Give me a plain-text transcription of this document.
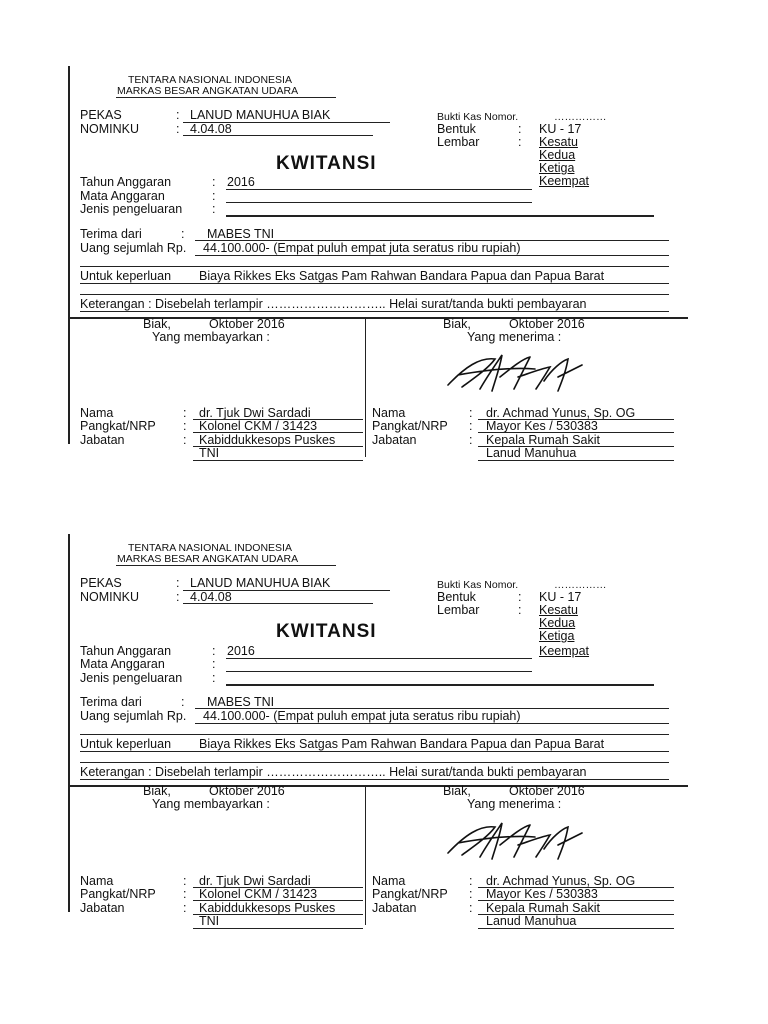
TENTARA NASIONAL INDONESIA
MARKAS BESAR ANGKATAN UDARA
PEKAS	: LANUD MANUHUA BIAK
NOMINKU	: 4.04.08
Bukti Kas Nomor.	……………
Bentuk	: KU - 17
Lembar	: Kesatu
Kedua
Ketiga
Keempat
KWITANSI
Tahun Anggaran	: 2016
Mata Anggaran	:
Jenis pengeluaran :
Terima dari	: MABES TNI
Uang sejumlah Rp. 44.100.000- (Empat puluh empat juta seratus ribu rupiah)
Untuk keperluan Biaya Rikkes Eks Satgas Pam Rahwan Bandara Papua dan Papua Barat
Keterangan : Disebelah terlampir ……………………….. Helai surat/tanda bukti pembayaran
Biak,	Oktober 2016
Yang membayarkan :
Biak,	Oktober 2016
Yang menerima :
Nama	: dr. Tjuk Dwi Sardadi
Pangkat/NRP : Kolonel CKM / 31423
Jabatan	: Kabiddukkesops Puskes
TNI
Nama	: dr. Achmad Yunus, Sp. OG
Pangkat/NRP : Mayor Kes / 530383
Jabatan	: Kepala Rumah Sakit
Lanud Manuhua
TENTARA NASIONAL INDONESIA
MARKAS BESAR ANGKATAN UDARA
PEKAS	: LANUD MANUHUA BIAK
NOMINKU	: 4.04.08
Bukti Kas Nomor.	……………
Bentuk	: KU - 17
Lembar	: Kesatu
Kedua
Ketiga
Keempat
KWITANSI
Tahun Anggaran	: 2016
Mata Anggaran	:
Jenis pengeluaran :
Terima dari	: MABES TNI
Uang sejumlah Rp. 44.100.000- (Empat puluh empat juta seratus ribu rupiah)
Untuk keperluan Biaya Rikkes Eks Satgas Pam Rahwan Bandara Papua dan Papua Barat
Keterangan : Disebelah terlampir ……………………….. Helai surat/tanda bukti pembayaran
Biak,	Oktober 2016
Yang membayarkan :
Biak,	Oktober 2016
Yang menerima :
Nama	: dr. Tjuk Dwi Sardadi
Pangkat/NRP : Kolonel CKM / 31423
Jabatan	: Kabiddukkesops Puskes
TNI
Nama	: dr. Achmad Yunus, Sp. OG
Pangkat/NRP : Mayor Kes / 530383
Jabatan	: Kepala Rumah Sakit
Lanud Manuhua
